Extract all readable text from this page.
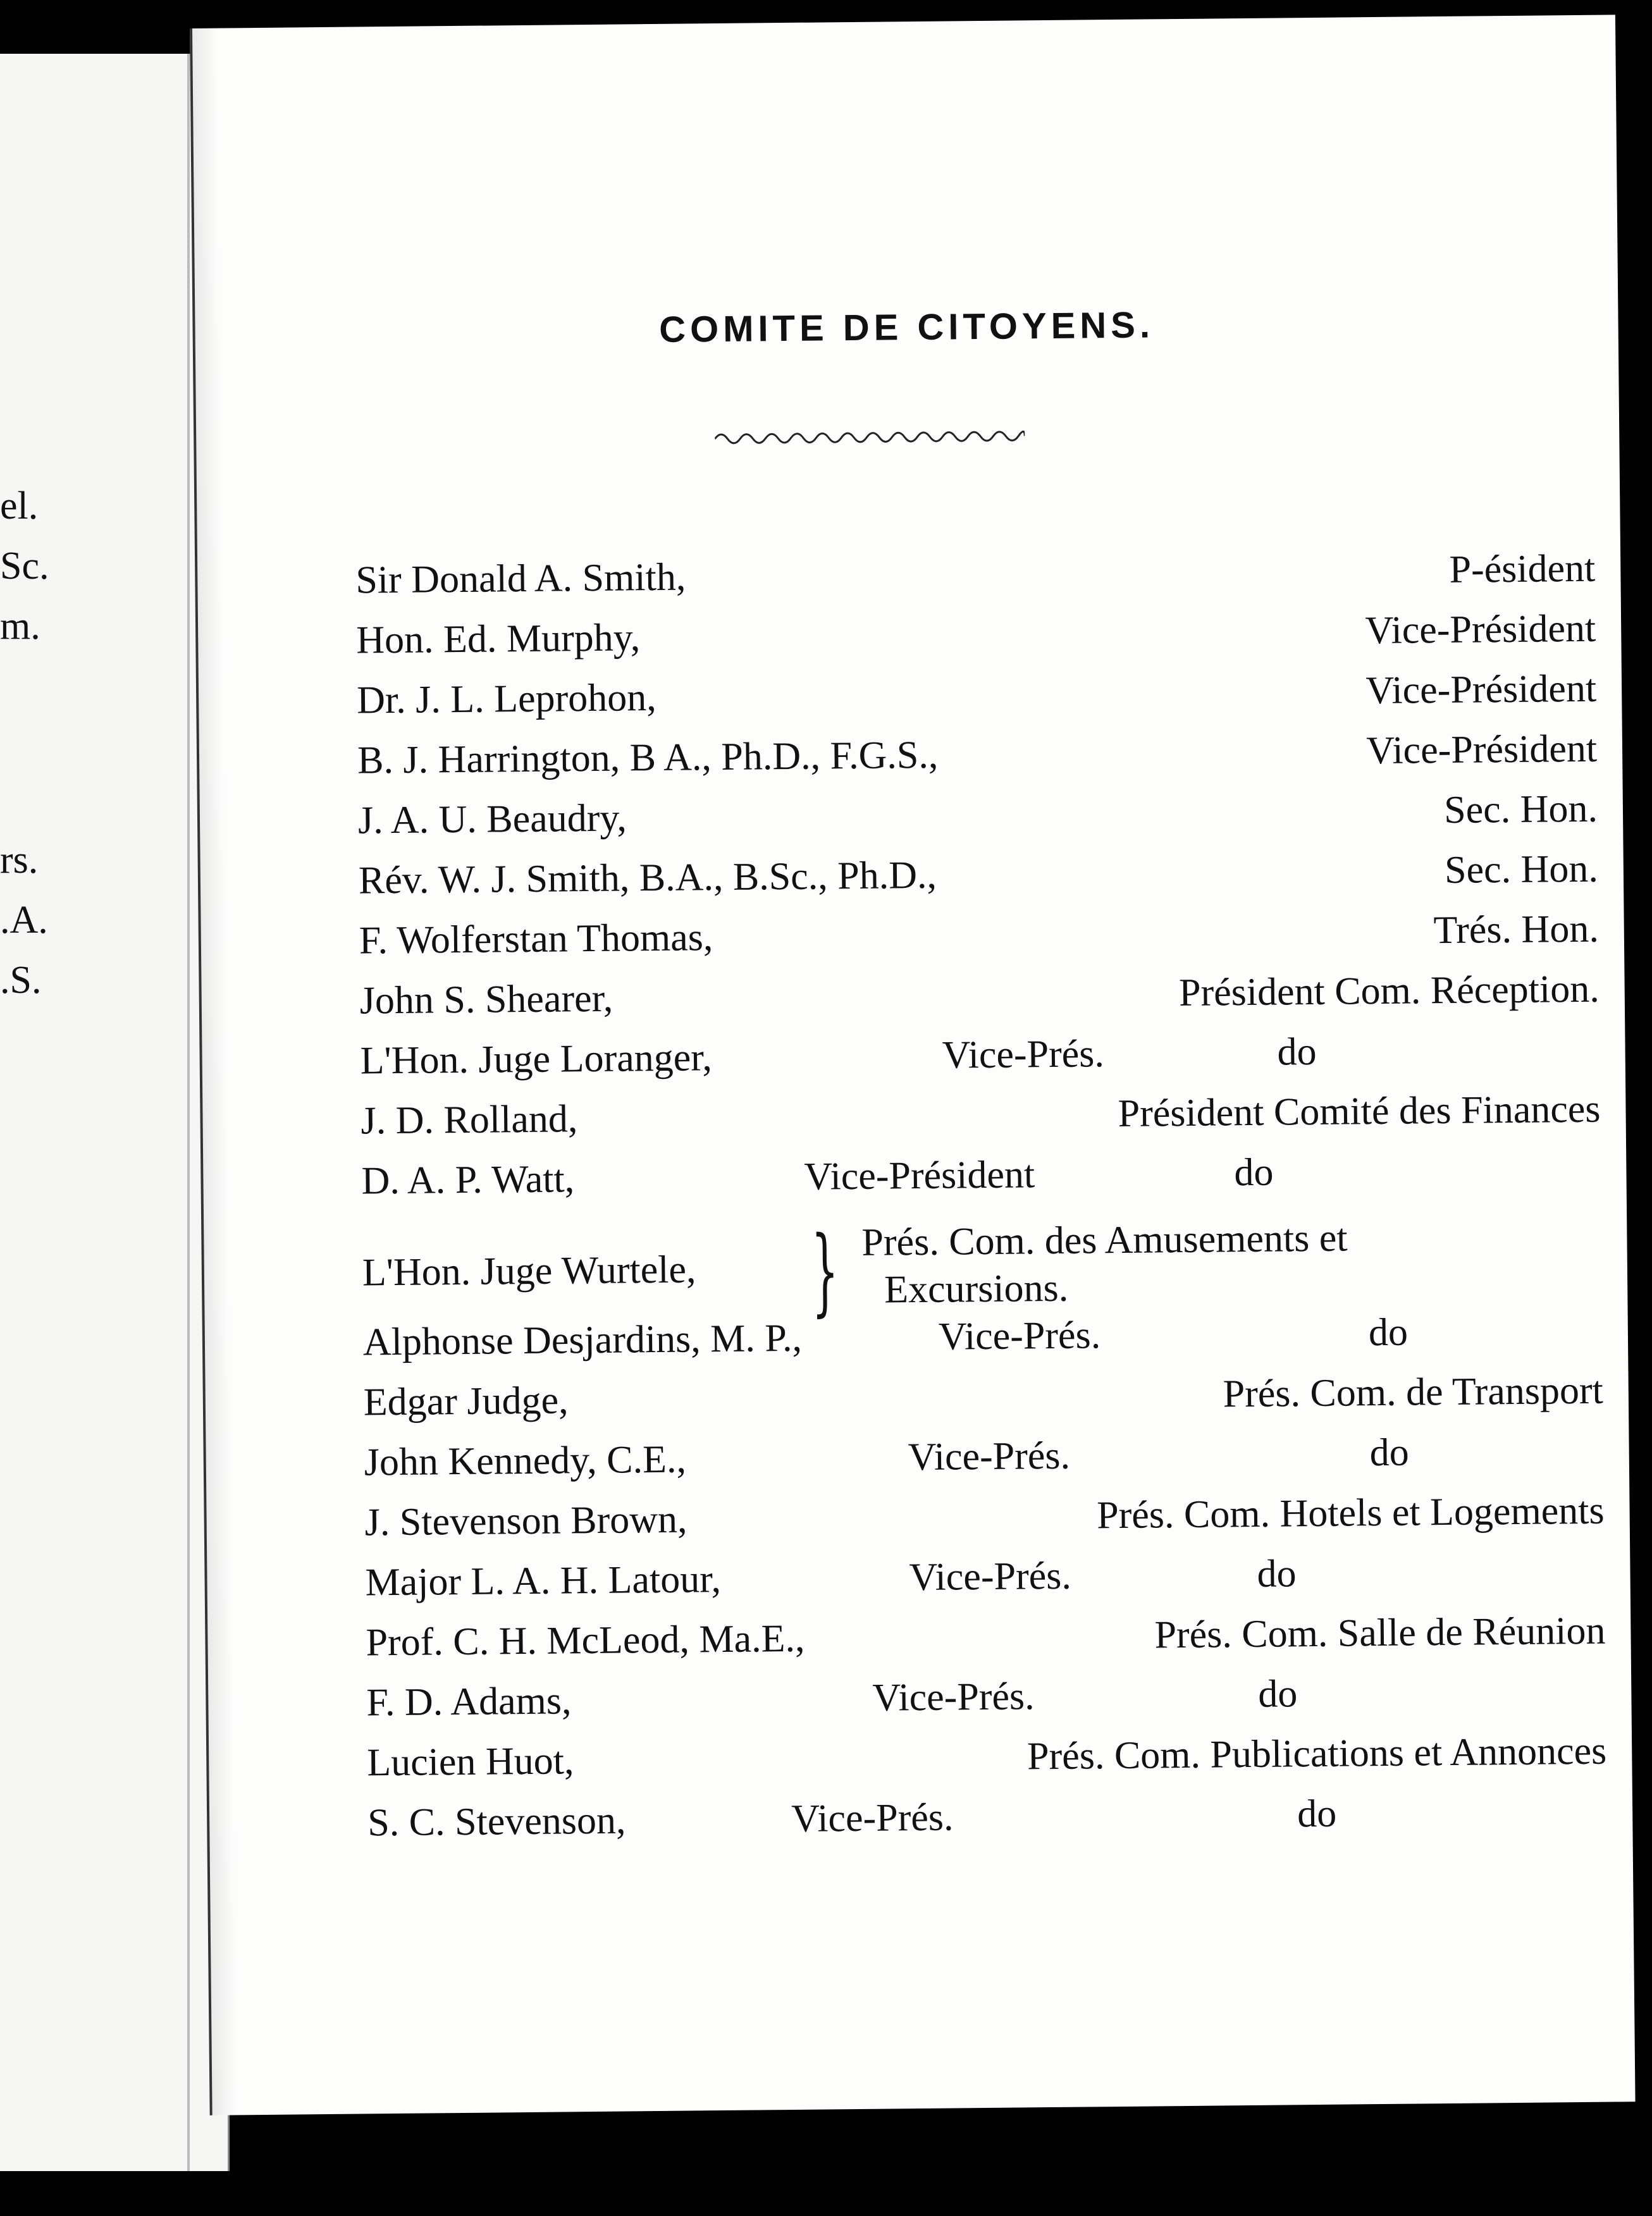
el.
Sc.
m.
rs.
.A.
.S.
COMITE DE CITOYENS.
Sir Donald A. Smith,	P‐ésident
Hon. Ed. Murphy,	Vice-Président
Dr. J. L. Leprohon,	Vice-Président
B. J. Harrington, B A., Ph.D., F.G.S.,	Vice-Président
J. A. U. Beaudry,	Sec. Hon.
Rév. W. J. Smith, B.A., B.Sc., Ph.D.,	Sec. Hon.
F. Wolferstan Thomas,	Trés. Hon.
John S. Shearer,	Président Com. Réception.
L'Hon. Juge Loranger,	Vice-Prés.	do
J. D. Rolland,	Président Comité des Finances
D. A. P. Watt,	Vice-Président	do
L'Hon. Juge Wurtele, } Prés. Com. des Amusements et
Excursions.
Alphonse Desjardins, M. P.,	Vice-Prés.	do
Edgar Judge,	Prés. Com. de Transport
John Kennedy, C.E.,	Vice-Prés.	do
J. Stevenson Brown,	Prés. Com. Hotels et Logements
Major L. A. H. Latour,	Vice-Prés.	do
Prof. C. H. McLeod, Ma.E.,	Prés. Com. Salle de Réunion
F. D. Adams,	Vice-Prés.	do
Lucien Huot,	Prés. Com. Publications et Annonces
S. C. Stevenson,	Vice-Prés.	do
